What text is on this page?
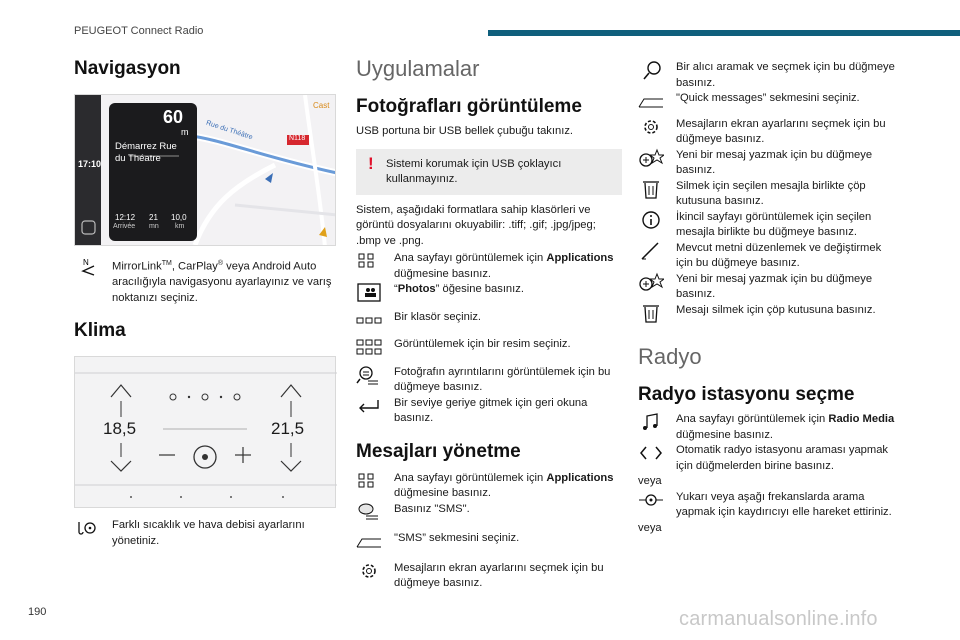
PEUGEOT Connect Radio
Navigasyon
60
m
Démarrez Rue du Théatre
17:10
N118
Rue du Théâtre
Cast
12:12
Arrivée
21
mn
10,0
km
N MirrorLink™, CarPlay® veya Android Auto aracılığıyla navigasyonu ayarlayınız ve varış noktanızı seçiniz.
Klima
18,5	21,5
Farklı sıcaklık ve hava debisi ayarlarını yönetiniz.
Uygulamalar
Fotoğrafları görüntüleme

USB portuna bir USB bellek çubuğu takınız.

! Sistemi korumak için USB çoklayıcı kullanmayınız.

Sistem, aşağıdaki formatlara sahip klasörleri ve görüntü dosyalarını okuyabilir: .tiff; .gif; .jpg/jpeg; .bmp ve .png.

Ana sayfayı görüntülemek için Applications düğmesine basınız.
“Photos” öğesine basınız.
Bir klasör seçiniz.
Görüntülemek için bir resim seçiniz.
Fotoğrafın ayrıntılarını görüntülemek için bu düğmeye basınız.
Bir seviye geriye gitmek için geri okuna basınız.
Mesajları yönetme
Ana sayfayı görüntülemek için Applications düğmesine basınız.
Basınız "SMS".
"SMS” sekmesini seçiniz.
Mesajların ekran ayarlarını seçmek için bu düğmeye basınız.
Bir alıcı aramak ve seçmek için bu düğmeye basınız.
"Quick messages” sekmesini seçiniz.
Mesajların ekran ayarlarını seçmek için bu düğmeye basınız.
Yeni bir mesaj yazmak için bu düğmeye basınız.
Silmek için seçilen mesajla birlikte çöp kutusuna basınız.
İkincil sayfayı görüntülemek için seçilen mesajla birlikte bu düğmeye basınız.
Mevcut metni düzenlemek ve değiştirmek için bu düğmeye basınız.
Yeni bir mesaj yazmak için bu düğmeye basınız.
Mesajı silmek için çöp kutusuna basınız.
Radyo
Radyo istasyonu seçme
Ana sayfayı görüntülemek için Radio Media düğmesine basınız.
Otomatik radyo istasyonu araması yapmak için düğmelerden birine basınız.

veya

Yukarı veya aşağı frekanslarda arama yapmak için kaydırıcıyı elle hareket ettiriniz.

veya

190	carmanualsonline.info
